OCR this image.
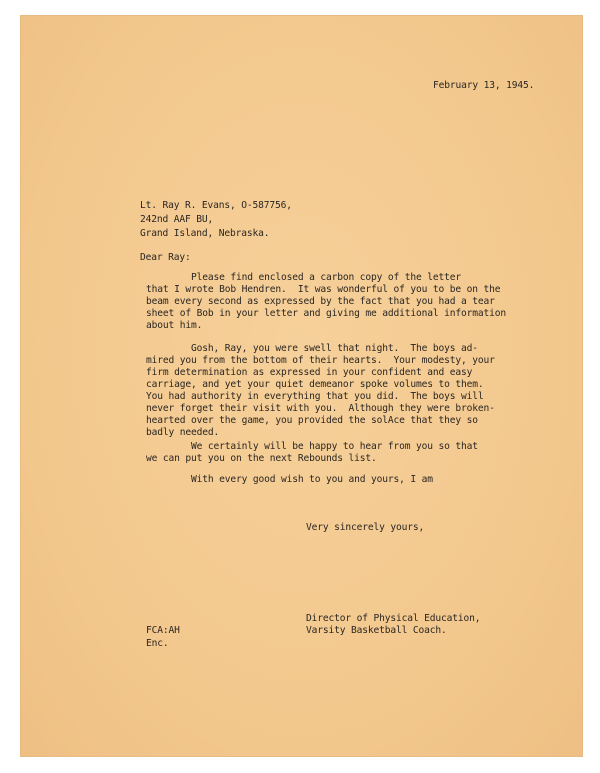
February 13, 1945.

Lt. Ray R. Evans, O-587756,

242nd AAF BU,

Grand Island, Nebraska.

Dear Ray:

Please find enclosed a carbon copy of the letter

that I wrote Bob Hendren.  It was wonderful of you to be on the

beam every second as expressed by the fact that you had a tear

sheet of Bob in your letter and giving me additional information

about him.

Gosh, Ray, you were swell that night.  The boys ad-

mired you from the bottom of their hearts.  Your modesty, your

firm determination as expressed in your confident and easy

carriage, and yet your quiet demeanor spoke volumes to them.

You had authority in everything that you did.  The boys will

never forget their visit with you.  Although they were broken-

hearted over the game, you provided the solAce that they so

badly needed.

We certainly will be happy to hear from you so that

we can put you on the next Rebounds list.

With every good wish to you and yours, I am
Very sincerely yours,

Director of Physical Education,

Varsity Basketball Coach.

FCA:AH

Enc.
